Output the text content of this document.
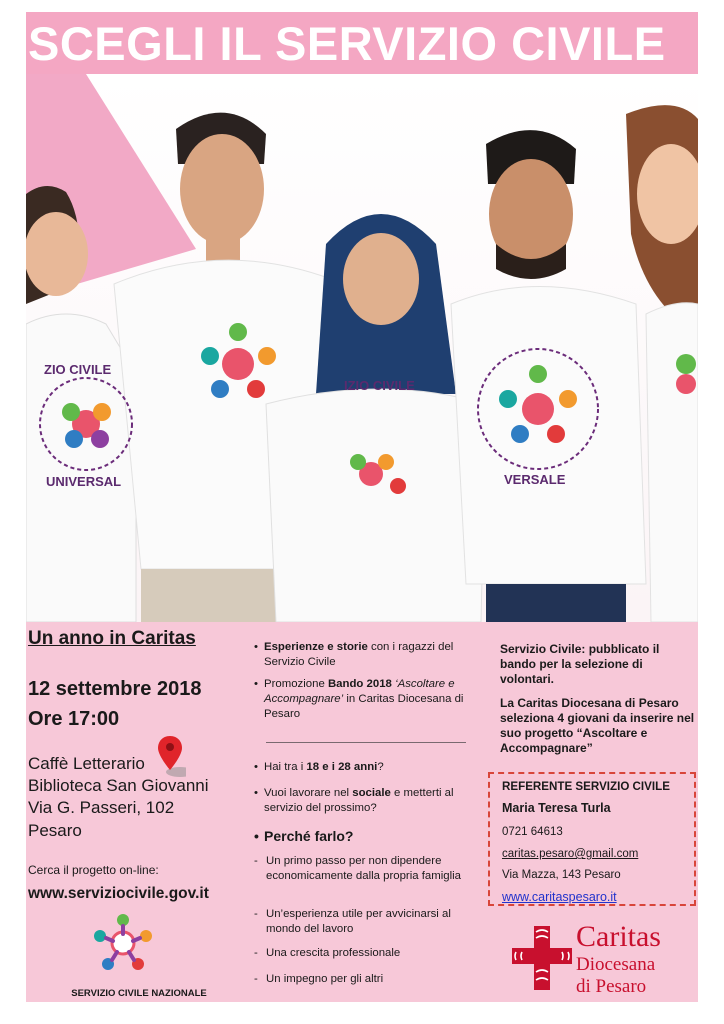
SCEGLI IL SERVIZIO CIVILE
ZIO CIVILE
UNIVERSAL
IZIO CIVILE
VERSALE
Un anno in Caritas
12 settembre 2018
Ore 17:00
Caffè Letterario
Biblioteca San Giovanni
Via G. Passeri, 102
Pesaro
Cerca il progetto on-line:
www.serviziocivile.gov.it
SERVIZIO CIVILE NAZIONALE
• Esperienze e storie con i ragazzi del Servizio Civile
• Promozione Bando 2018 ‘Ascoltare e Accompagnare’ in Caritas Diocesana di Pesaro
• Hai tra i 18 e i 28 anni?
• Vuoi lavorare nel sociale e metterti al servizio del prossimo?
• Perché farlo?
- Un primo passo per non dipendere economicamente dalla propria famiglia
- Un’esperienza utile per avvicinarsi al mondo del lavoro
- Una crescita professionale
- Un impegno per gli altri
Servizio Civile: pubblicato il bando per la selezione di volontari.
La Caritas Diocesana di Pesaro seleziona 4 giovani da inserire nel suo progetto “Ascoltare e Accompagnare”
REFERENTE SERVIZIO CIVILE
Maria Teresa Turla
0721 64613
caritas.pesaro@gmail.com
Via Mazza, 143 Pesaro
www.caritaspesaro.it
Caritas
Diocesana
di Pesaro
